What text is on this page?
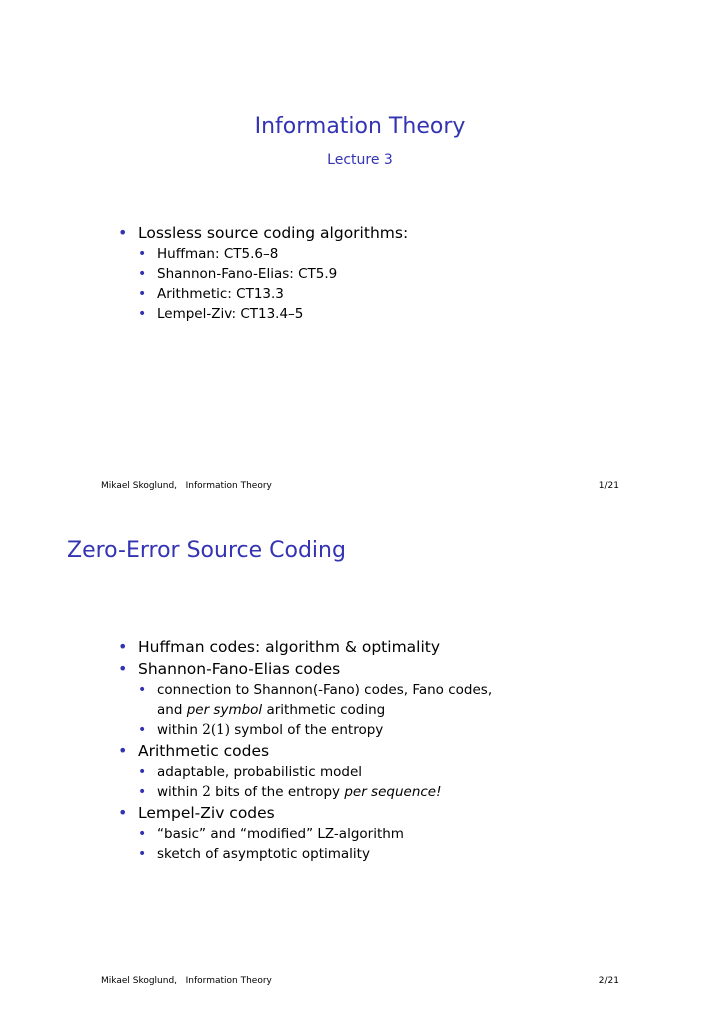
Information Theory
Lecture 3
• Lossless source coding algorithms:
• Huffman: CT5.6–8
• Shannon-Fano-Elias: CT5.9
• Arithmetic: CT13.3
• Lempel-Ziv: CT13.4–5
Mikael Skoglund, Information Theory	1/21
Zero-Error Source Coding
• Huffman codes: algorithm & optimality
• Shannon-Fano-Elias codes
• connection to Shannon(-Fano) codes, Fano codes,
and per symbol arithmetic coding
• within 2(1) symbol of the entropy
• Arithmetic codes
• adaptable, probabilistic model
• within 2 bits of the entropy per sequence!
• Lempel-Ziv codes
• “basic” and “modified” LZ-algorithm
• sketch of asymptotic optimality
Mikael Skoglund, Information Theory	2/21
